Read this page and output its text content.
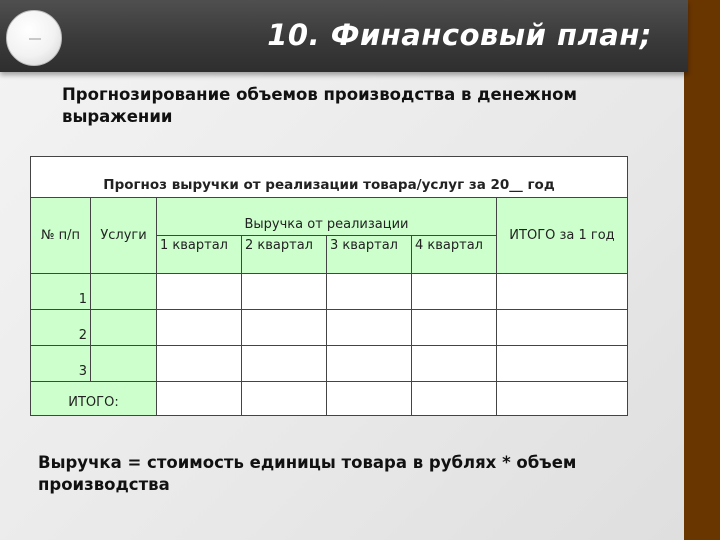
10. Финансовый план;
Прогнозирование объемов производства в денежном выражении
Прогноз выручки от реализации товара/услуг за 20__ год						
№ п/п	Услуги	Выручка от реализации				ИТОГО за 1 год
		1 квартал	2 квартал	3 квартал	4 квартал	
1						
2						
3						
ИТОГО:						
Выручка = стоимость единицы товара в рублях * объем производства
